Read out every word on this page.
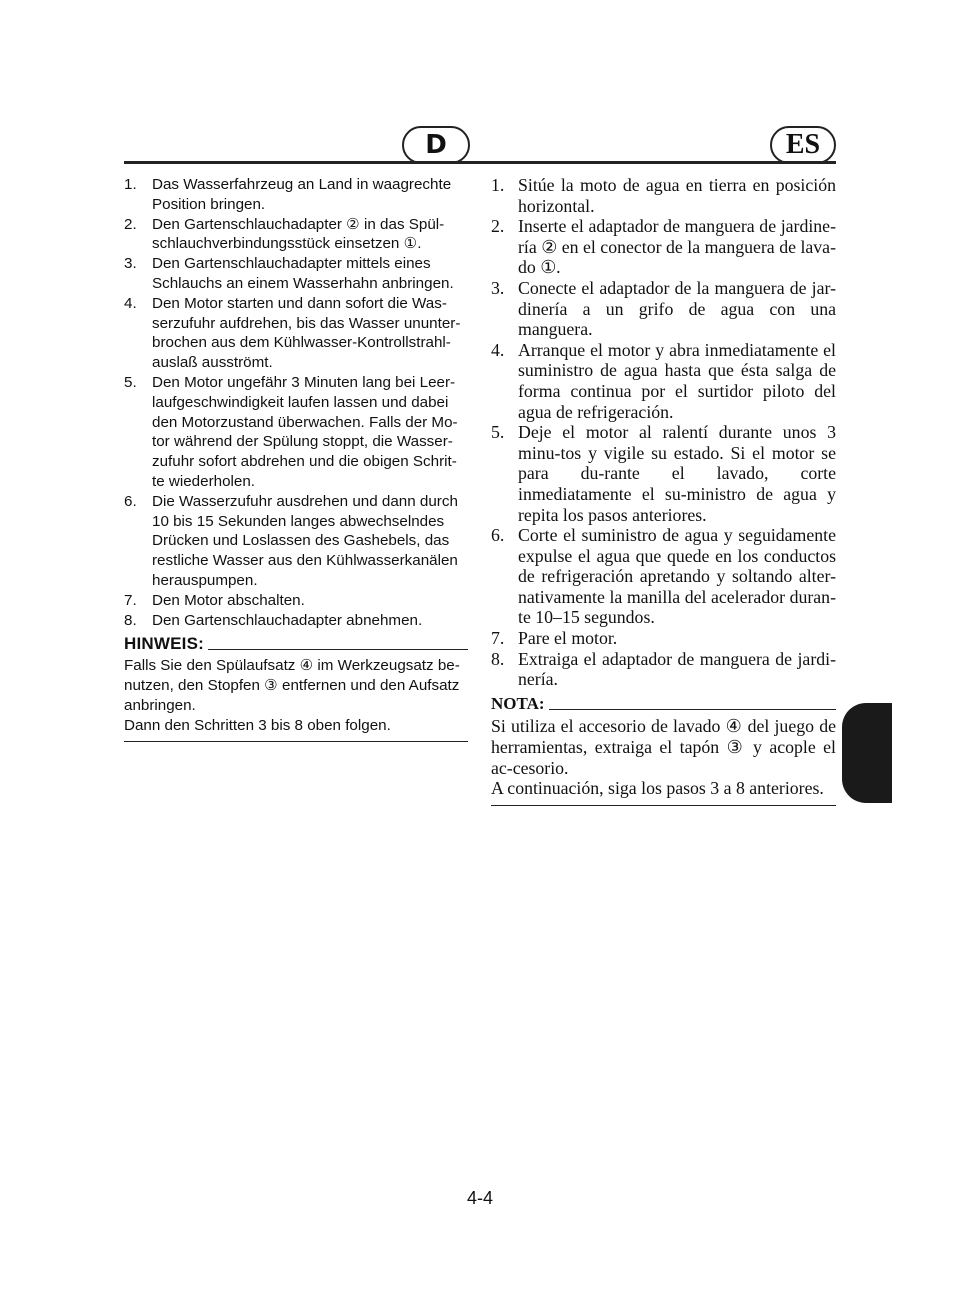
D	ES
1. Das Wasserfahrzeug an Land in waagrechte Position bringen.
2. Den Gartenschlauchadapter ② in das Spül-schlauchverbindungsstück einsetzen ①.
3. Den Gartenschlauchadapter mittels eines Schlauchs an einem Wasserhahn anbringen.
4. Den Motor starten und dann sofort die Was-serzufuhr aufdrehen, bis das Wasser ununter-brochen aus dem Kühlwasser-Kontrollstrahl-auslaß ausströmt.
5. Den Motor ungefähr 3 Minuten lang bei Leer-laufgeschwindigkeit laufen lassen und dabei den Motorzustand überwachen. Falls der Mo-tor während der Spülung stoppt, die Wasser-zufuhr sofort abdrehen und die obigen Schrit-te wiederholen.
6. Die Wasserzufuhr ausdrehen und dann durch 10 bis 15 Sekunden langes abwechselndes Drücken und Loslassen des Gashebels, das restliche Wasser aus den Kühlwasserkanälen herauspumpen.
7. Den Motor abschalten.
8. Den Gartenschlauchadapter abnehmen.
HINWEIS:
Falls Sie den Spülaufsatz ④ im Werkzeugsatz be-nutzen, den Stopfen ③ entfernen und den Aufsatz anbringen.
Dann den Schritten 3 bis 8 oben folgen.
1. Sitúe la moto de agua en tierra en posición horizontal.
2. Inserte el adaptador de manguera de jardine-ría ② en el conector de la manguera de lava-do ①.
3. Conecte el adaptador de la manguera de jar-dinería a un grifo de agua con una manguera.
4. Arranque el motor y abra inmediatamente el suministro de agua hasta que ésta salga de forma continua por el surtidor piloto del agua de refrigeración.
5. Deje el motor al ralentí durante unos 3 minu-tos y vigile su estado. Si el motor se para du-rante el lavado, corte inmediatamente el su-ministro de agua y repita los pasos anteriores.
6. Corte el suministro de agua y seguidamente expulse el agua que quede en los conductos de refrigeración apretando y soltando alter-nativamente la manilla del acelerador duran-te 10–15 segundos.
7. Pare el motor.
8. Extraiga el adaptador de manguera de jardi-nería.
NOTA:
Si utiliza el accesorio de lavado ④ del juego de herramientas, extraiga el tapón ③ y acople el ac-cesorio.
A continuación, siga los pasos 3 a 8 anteriores.
4-4
